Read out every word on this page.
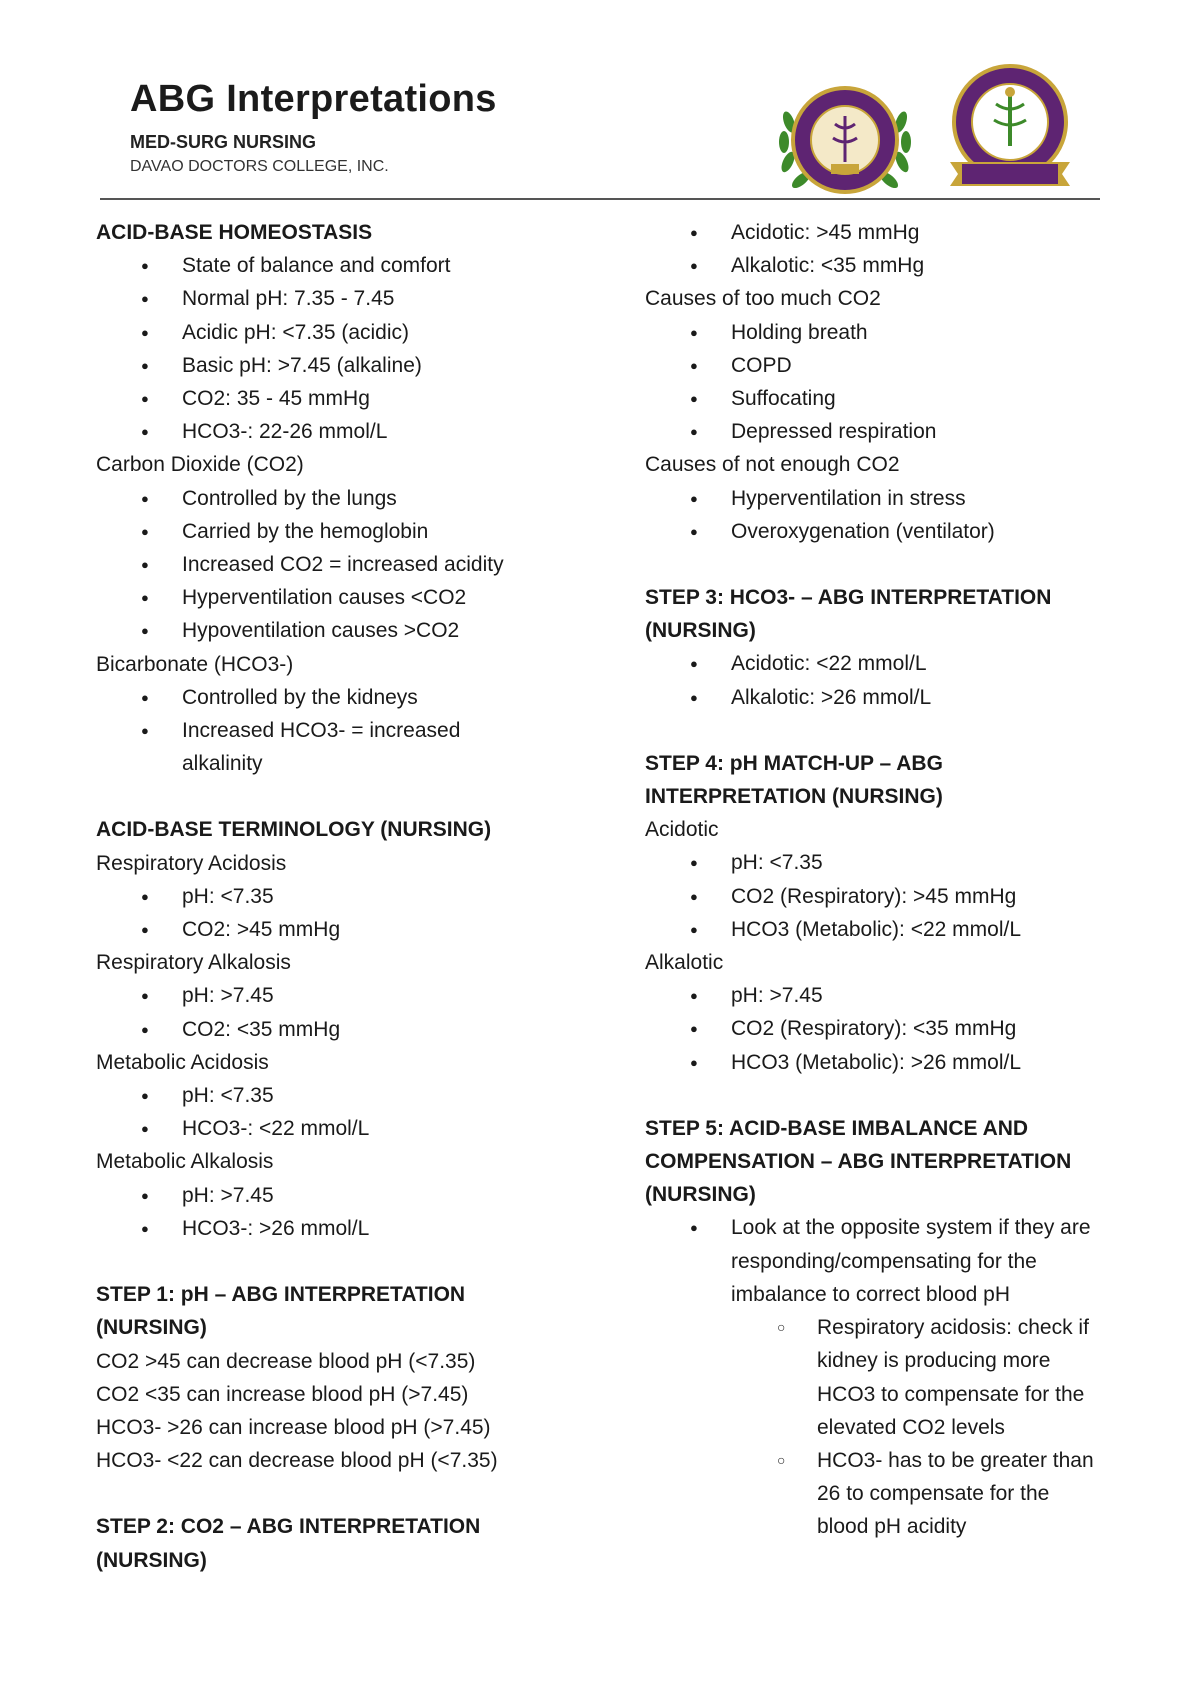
ABG Interpretations
MED-SURG NURSING
DAVAO DOCTORS COLLEGE, INC.

ACID-BASE HOMEOSTASIS

● State of balance and comfort
● Normal pH: 7.35 - 7.45
● Acidic pH: <7.35 (acidic)
● Basic pH: >7.45 (alkaline)
● CO2: 35 - 45 mmHg
● HCO3-: 22-26 mmol/L

Carbon Dioxide (CO2)

● Controlled by the lungs
● Carried by the hemoglobin
● Increased CO2 = increased acidity
● Hyperventilation causes <CO2
● Hypoventilation causes >CO2

Bicarbonate (HCO3-)

● Controlled by the kidneys
● Increased HCO3- = increased alkalinity

ACID-BASE TERMINOLOGY (NURSING)

Respiratory Acidosis

● pH: <7.35
● CO2: >45 mmHg

Respiratory Alkalosis

● pH: >7.45
● CO2: <35 mmHg

Metabolic Acidosis

● pH: <7.35
● HCO3-: <22 mmol/L

Metabolic Alkalosis

● pH: >7.45
● HCO3-: >26 mmol/L

STEP 1: pH – ABG INTERPRETATION (NURSING)

CO2 >45 can decrease blood pH (<7.35)

CO2 <35 can increase blood pH (>7.45)

HCO3- >26 can increase blood pH (>7.45)

HCO3- <22 can decrease blood pH (<7.35)

STEP 2: CO2 – ABG INTERPRETATION (NURSING)

● Acidotic: >45 mmHg
● Alkalotic: <35 mmHg

Causes of too much CO2

● Holding breath
● COPD
● Suffocating
● Depressed respiration

Causes of not enough CO2

● Hyperventilation in stress
● Overoxygenation (ventilator)

STEP 3: HCO3- – ABG INTERPRETATION (NURSING)

● Acidotic: <22 mmol/L
● Alkalotic: >26 mmol/L

STEP 4: pH MATCH-UP – ABG INTERPRETATION (NURSING)

Acidotic

● pH: <7.35
● CO2 (Respiratory): >45 mmHg
● HCO3 (Metabolic): <22 mmol/L

Alkalotic

● pH: >7.45
● CO2 (Respiratory): <35 mmHg
● HCO3 (Metabolic): >26 mmol/L

STEP 5: ACID-BASE IMBALANCE AND COMPENSATION – ABG INTERPRETATION (NURSING)

● Look at the opposite system if they are responding/compensating for the imbalance to correct blood pH
○ Respiratory acidosis: check if kidney is producing more HCO3 to compensate for the elevated CO2 levels
○ HCO3- has to be greater than 26 to compensate for the blood pH acidity
